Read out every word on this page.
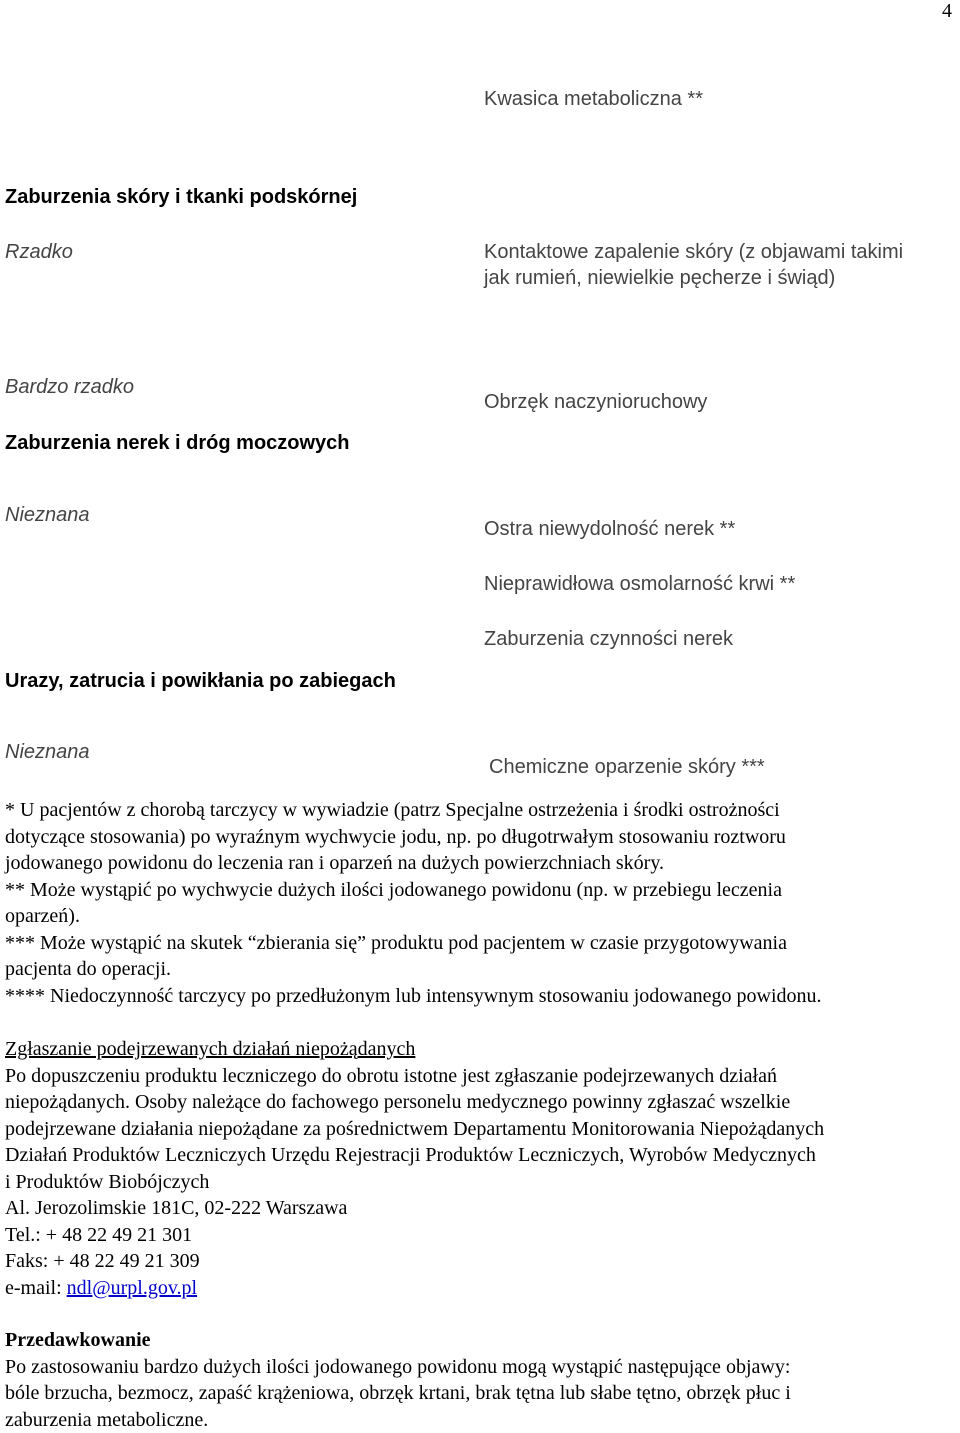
4
Kwasica metaboliczna **
Zaburzenia skóry i tkanki podskórnej
Rzadko	Kontaktowe zapalenie skóry (z objawami takimi
jak rumień, niewielkie pęcherze i świąd)
Bardzo rzadko
Obrzęk naczynioruchowy
Zaburzenia nerek i dróg moczowych
Nieznana
Ostra niewydolność nerek **
Nieprawidłowa osmolarność krwi **
Zaburzenia czynności nerek
Urazy, zatrucia i powikłania po zabiegach
Nieznana
Chemiczne oparzenie skóry ***
* U pacjentów z chorobą tarczycy w wywiadzie (patrz Specjalne ostrzeżenia i środki ostrożności
dotyczące stosowania) po wyraźnym wychwycie jodu, np. po długotrwałym stosowaniu roztworu
jodowanego powidonu do leczenia ran i oparzeń na dużych powierzchniach skóry.
** Może wystąpić po wychwycie dużych ilości jodowanego powidonu (np. w przebiegu leczenia
oparzeń).
*** Może wystąpić na skutek “zbierania się” produktu pod pacjentem w czasie przygotowywania
pacjenta do operacji.
**** Niedoczynność tarczycy po przedłużonym lub intensywnym stosowaniu jodowanego powidonu.
Zgłaszanie podejrzewanych działań niepożądanych
Po dopuszczeniu produktu leczniczego do obrotu istotne jest zgłaszanie podejrzewanych działań
niepożądanych. Osoby należące do fachowego personelu medycznego powinny zgłaszać wszelkie
podejrzewane działania niepożądane za pośrednictwem Departamentu Monitorowania Niepożądanych
Działań Produktów Leczniczych Urzędu Rejestracji Produktów Leczniczych, Wyrobów Medycznych
i Produktów Biobójczych
Al. Jerozolimskie 181C, 02-222 Warszawa
Tel.: + 48 22 49 21 301
Faks: + 48 22 49 21 309
e-mail: ndl@urpl.gov.pl
Przedawkowanie
Po zastosowaniu bardzo dużych ilości jodowanego powidonu mogą wystąpić następujące objawy:
bóle brzucha, bezmocz, zapaść krążeniowa, obrzęk krtani, brak tętna lub słabe tętno, obrzęk płuc i
zaburzenia metaboliczne.
